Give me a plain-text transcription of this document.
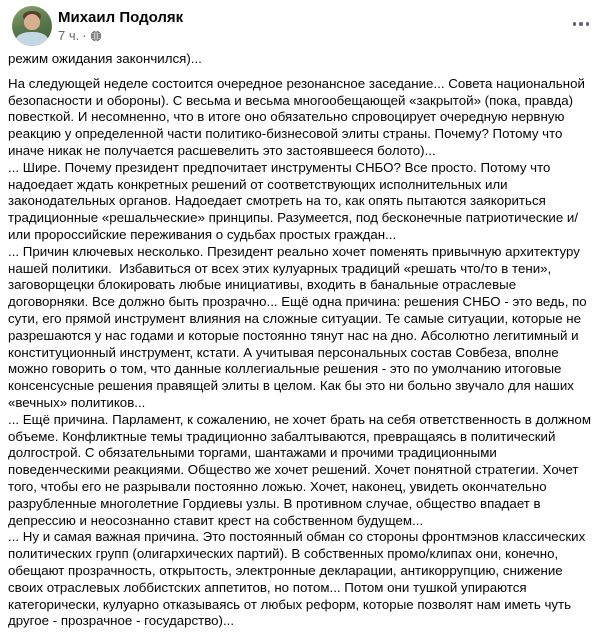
Михаил Подоляк
7 ч. ·
режим ожидания закончился)...
На следующей неделе состоится очередное резонансное заседание... Совета национальной безопасности и обороны). С весьма и весьма многообещающей «закрытой» (пока, правда) повесткой. И несомненно, что в итоге оно обязательно спровоцирует очередную нервную реакцию у определенной части политико-бизнесовой элиты страны. Почему? Потому что иначе никак не получается расшевелить это застоявшееся болото)...
... Шире. Почему президент предпочитает инструменты СНБО? Все просто. Потому что надоедает ждать конкретных решений от соответствующих исполнительных или законодательных органов. Надоедает смотреть на то, как опять пытаются заякориться традиционные «решальческие» принципы. Разумеется, под бесконечные патриотические и/или пророссийские переживания о судьбах простых граждан...
... Причин ключевых несколько. Президент реально хочет поменять привычную архитектуру нашей политики.  Избавиться от всех этих кулуарных традиций «решать что/то в тени», заговорщецки блокировать любые инициативы, входить в банальные отраслевые договорняки. Все должно быть прозрачно... Ещё одна причина: решения СНБО - это ведь, по сути, его прямой инструмент влияния на сложные ситуации. Те самые ситуации, которые не разрешаются у нас годами и которые постоянно тянут нас на дно. Абсолютно легитимный и конституционный инструмент, кстати. А учитывая персональных состав Совбеза, вполне можно говорить о том, что данные коллегиальные решения - это по умолчанию итоговые консенсусные решения правящей элиты в целом. Как бы это ни больно звучало для наших «вечных» политиков...
... Ещё причина. Парламент, к сожалению, не хочет брать на себя ответственность в должном объеме. Конфликтные темы традиционно забалтываются, превращаясь в политический долгострой. С обязательными торгами, шантажами и прочими традиционными поведенческими реакциями. Общество же хочет решений. Хочет понятной стратегии. Хочет того, чтобы его не разрывали постоянно ложью. Хочет, наконец, увидеть окончательно разрубленные многолетние Гордиевы узлы. В противном случае, общество впадает в депрессию и неосознанно ставит крест на собственном будущем...
... Ну и самая важная причина. Это постоянный обман со стороны фронтмэнов классических политических групп (олигархических партий). В собственных промо/клипах они, конечно, обещают прозрачность, открытость, электронные декларации, антикоррупцию, снижение своих отраслевых лоббистских аппетитов, но потом... Потом они тушкой упираются категорически, кулуарно отказываясь от любых реформ, которые позволят нам иметь чуть другое - прозрачное - государство)...
